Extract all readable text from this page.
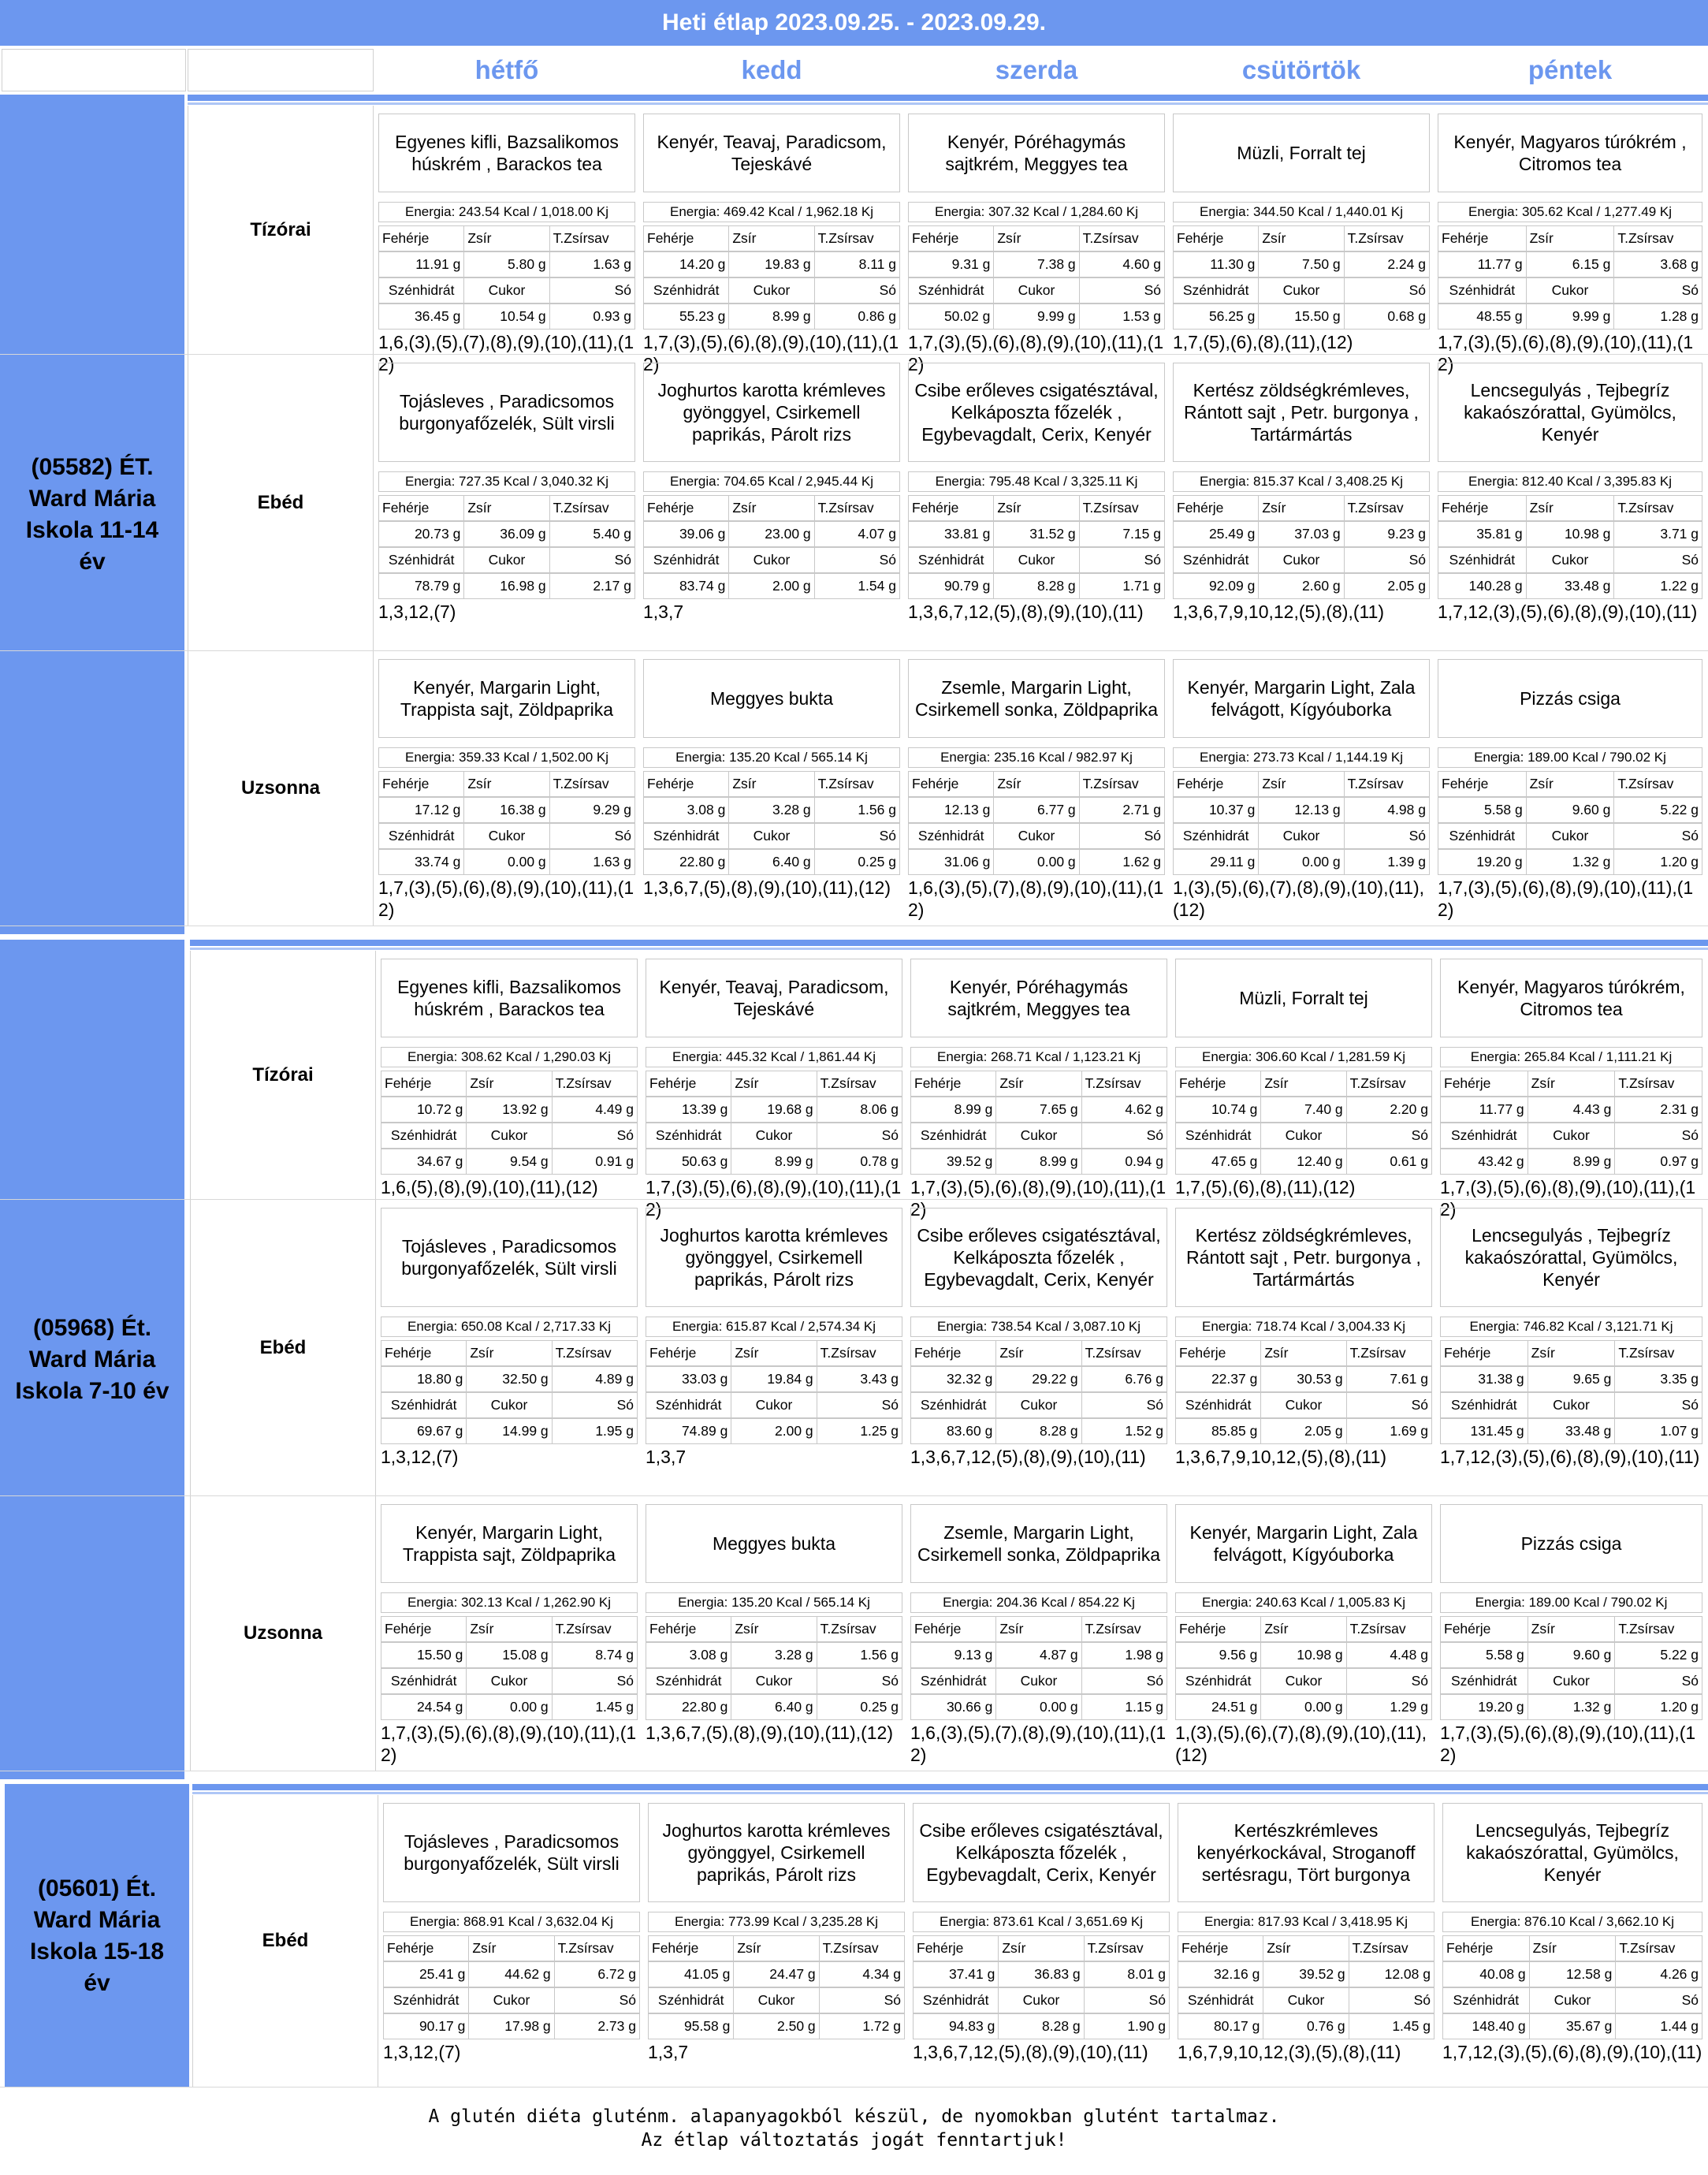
Heti étlap 2023.09.25. - 2023.09.29.
hétfő	kedd	szerda	csütörtök	péntek
(05582) ÉT.
Ward Mária
Iskola 11-14
év
Tízórai
Egyenes kifli, Bazsalikomos húskrém , Barackos tea
Energia: 243.54 Kcal / 1,018.00 Kj
Fehérje	Zsír	T.Zsírsav
11.91 g	5.80 g	1.63 g
Szénhidrát	Cukor	Só
36.45 g	10.54 g	0.93 g
1,6,(3),(5),(7),(8),(9),(10),(11),(12)
Kenyér, Teavaj, Paradicsom, Tejeskávé
Energia: 469.42 Kcal / 1,962.18 Kj
Fehérje	Zsír	T.Zsírsav
14.20 g	19.83 g	8.11 g
Szénhidrát	Cukor	Só
55.23 g	8.99 g	0.86 g
1,7,(3),(5),(6),(8),(9),(10),(11),(12)
Kenyér, Póréhagymás sajtkrém, Meggyes tea
Energia: 307.32 Kcal / 1,284.60 Kj
Fehérje	Zsír	T.Zsírsav
9.31 g	7.38 g	4.60 g
Szénhidrát	Cukor	Só
50.02 g	9.99 g	1.53 g
1,7,(3),(5),(6),(8),(9),(10),(11),(12)
Müzli, Forralt tej
Energia: 344.50 Kcal / 1,440.01 Kj
Fehérje	Zsír	T.Zsírsav
11.30 g	7.50 g	2.24 g
Szénhidrát	Cukor	Só
56.25 g	15.50 g	0.68 g
1,7,(5),(6),(8),(11),(12)
Kenyér, Magyaros túrókrém , Citromos tea
Energia: 305.62 Kcal / 1,277.49 Kj
Fehérje	Zsír	T.Zsírsav
11.77 g	6.15 g	3.68 g
Szénhidrát	Cukor	Só
48.55 g	9.99 g	1.28 g
1,7,(3),(5),(6),(8),(9),(10),(11),(12)
Ebéd
Tojásleves , Paradicsomos burgonyafőzelék, Sült virsli
Energia: 727.35 Kcal / 3,040.32 Kj
Fehérje	Zsír	T.Zsírsav
20.73 g	36.09 g	5.40 g
Szénhidrát	Cukor	Só
78.79 g	16.98 g	2.17 g
1,3,12,(7)
Joghurtos karotta krémleves gyönggyel, Csirkemell paprikás, Párolt rizs
Energia: 704.65 Kcal / 2,945.44 Kj
Fehérje	Zsír	T.Zsírsav
39.06 g	23.00 g	4.07 g
Szénhidrát	Cukor	Só
83.74 g	2.00 g	1.54 g
1,3,7
Csibe erőleves csigatésztával, Kelkáposzta főzelék , Egybevagdalt, Cerix, Kenyér
Energia: 795.48 Kcal / 3,325.11 Kj
Fehérje	Zsír	T.Zsírsav
33.81 g	31.52 g	7.15 g
Szénhidrát	Cukor	Só
90.79 g	8.28 g	1.71 g
1,3,6,7,12,(5),(8),(9),(10),(11)
Kertész zöldségkrémleves, Rántott sajt , Petr. burgonya , Tartármártás
Energia: 815.37 Kcal / 3,408.25 Kj
Fehérje	Zsír	T.Zsírsav
25.49 g	37.03 g	9.23 g
Szénhidrát	Cukor	Só
92.09 g	2.60 g	2.05 g
1,3,6,7,9,10,12,(5),(8),(11)
Lencsegulyás , Tejbegríz kakaószórattal, Gyümölcs, Kenyér
Energia: 812.40 Kcal / 3,395.83 Kj
Fehérje	Zsír	T.Zsírsav
35.81 g	10.98 g	3.71 g
Szénhidrát	Cukor	Só
140.28 g	33.48 g	1.22 g
1,7,12,(3),(5),(6),(8),(9),(10),(11)
Uzsonna
Kenyér, Margarin Light, Trappista sajt, Zöldpaprika
Energia: 359.33 Kcal / 1,502.00 Kj
Fehérje	Zsír	T.Zsírsav
17.12 g	16.38 g	9.29 g
Szénhidrát	Cukor	Só
33.74 g	0.00 g	1.63 g
1,7,(3),(5),(6),(8),(9),(10),(11),(12)
Meggyes bukta
Energia: 135.20 Kcal / 565.14 Kj
Fehérje	Zsír	T.Zsírsav
3.08 g	3.28 g	1.56 g
Szénhidrát	Cukor	Só
22.80 g	6.40 g	0.25 g
1,3,6,7,(5),(8),(9),(10),(11),(12)
Zsemle, Margarin Light, Csirkemell sonka, Zöldpaprika
Energia: 235.16 Kcal / 982.97 Kj
Fehérje	Zsír	T.Zsírsav
12.13 g	6.77 g	2.71 g
Szénhidrát	Cukor	Só
31.06 g	0.00 g	1.62 g
1,6,(3),(5),(7),(8),(9),(10),(11),(12)
Kenyér, Margarin Light, Zala felvágott, Kígyóuborka
Energia: 273.73 Kcal / 1,144.19 Kj
Fehérje	Zsír	T.Zsírsav
10.37 g	12.13 g	4.98 g
Szénhidrát	Cukor	Só
29.11 g	0.00 g	1.39 g
1,(3),(5),(6),(7),(8),(9),(10),(11),(12)
Pizzás csiga
Energia: 189.00 Kcal / 790.02 Kj
Fehérje	Zsír	T.Zsírsav
5.58 g	9.60 g	5.22 g
Szénhidrát	Cukor	Só
19.20 g	1.32 g	1.20 g
1,7,(3),(5),(6),(8),(9),(10),(11),(12)
(05968) Ét.
Ward Mária
Iskola 7-10 év
Tízórai
Egyenes kifli, Bazsalikomos húskrém , Barackos tea
Energia: 308.62 Kcal / 1,290.03 Kj
Fehérje	Zsír	T.Zsírsav
10.72 g	13.92 g	4.49 g
Szénhidrát	Cukor	Só
34.67 g	9.54 g	0.91 g
1,6,(5),(8),(9),(10),(11),(12)
Kenyér, Teavaj, Paradicsom, Tejeskávé
Energia: 445.32 Kcal / 1,861.44 Kj
Fehérje	Zsír	T.Zsírsav
13.39 g	19.68 g	8.06 g
Szénhidrát	Cukor	Só
50.63 g	8.99 g	0.78 g
1,7,(3),(5),(6),(8),(9),(10),(11),(12)
Kenyér, Póréhagymás sajtkrém, Meggyes tea
Energia: 268.71 Kcal / 1,123.21 Kj
Fehérje	Zsír	T.Zsírsav
8.99 g	7.65 g	4.62 g
Szénhidrát	Cukor	Só
39.52 g	8.99 g	0.94 g
1,7,(3),(5),(6),(8),(9),(10),(11),(12)
Müzli, Forralt tej
Energia: 306.60 Kcal / 1,281.59 Kj
Fehérje	Zsír	T.Zsírsav
10.74 g	7.40 g	2.20 g
Szénhidrát	Cukor	Só
47.65 g	12.40 g	0.61 g
1,7,(5),(6),(8),(11),(12)
Kenyér, Magyaros túrókrém, Citromos tea
Energia: 265.84 Kcal / 1,111.21 Kj
Fehérje	Zsír	T.Zsírsav
11.77 g	4.43 g	2.31 g
Szénhidrát	Cukor	Só
43.42 g	8.99 g	0.97 g
1,7,(3),(5),(6),(8),(9),(10),(11),(12)
Ebéd
Tojásleves , Paradicsomos burgonyafőzelék, Sült virsli
Energia: 650.08 Kcal / 2,717.33 Kj
Fehérje	Zsír	T.Zsírsav
18.80 g	32.50 g	4.89 g
Szénhidrát	Cukor	Só
69.67 g	14.99 g	1.95 g
1,3,12,(7)
Joghurtos karotta krémleves gyönggyel, Csirkemell paprikás, Párolt rizs
Energia: 615.87 Kcal / 2,574.34 Kj
Fehérje	Zsír	T.Zsírsav
33.03 g	19.84 g	3.43 g
Szénhidrát	Cukor	Só
74.89 g	2.00 g	1.25 g
1,3,7
Csibe erőleves csigatésztával, Kelkáposzta főzelék , Egybevagdalt, Cerix, Kenyér
Energia: 738.54 Kcal / 3,087.10 Kj
Fehérje	Zsír	T.Zsírsav
32.32 g	29.22 g	6.76 g
Szénhidrát	Cukor	Só
83.60 g	8.28 g	1.52 g
1,3,6,7,12,(5),(8),(9),(10),(11)
Kertész zöldségkrémleves, Rántott sajt , Petr. burgonya , Tartármártás
Energia: 718.74 Kcal / 3,004.33 Kj
Fehérje	Zsír	T.Zsírsav
22.37 g	30.53 g	7.61 g
Szénhidrát	Cukor	Só
85.85 g	2.05 g	1.69 g
1,3,6,7,9,10,12,(5),(8),(11)
Lencsegulyás , Tejbegríz kakaószórattal, Gyümölcs, Kenyér
Energia: 746.82 Kcal / 3,121.71 Kj
Fehérje	Zsír	T.Zsírsav
31.38 g	9.65 g	3.35 g
Szénhidrát	Cukor	Só
131.45 g	33.48 g	1.07 g
1,7,12,(3),(5),(6),(8),(9),(10),(11)
Uzsonna
Kenyér, Margarin Light, Trappista sajt, Zöldpaprika
Energia: 302.13 Kcal / 1,262.90 Kj
Fehérje	Zsír	T.Zsírsav
15.50 g	15.08 g	8.74 g
Szénhidrát	Cukor	Só
24.54 g	0.00 g	1.45 g
1,7,(3),(5),(6),(8),(9),(10),(11),(12)
Meggyes bukta
Energia: 135.20 Kcal / 565.14 Kj
Fehérje	Zsír	T.Zsírsav
3.08 g	3.28 g	1.56 g
Szénhidrát	Cukor	Só
22.80 g	6.40 g	0.25 g
1,3,6,7,(5),(8),(9),(10),(11),(12)
Zsemle, Margarin Light, Csirkemell sonka, Zöldpaprika
Energia: 204.36 Kcal / 854.22 Kj
Fehérje	Zsír	T.Zsírsav
9.13 g	4.87 g	1.98 g
Szénhidrát	Cukor	Só
30.66 g	0.00 g	1.15 g
1,6,(3),(5),(7),(8),(9),(10),(11),(12)
Kenyér, Margarin Light, Zala felvágott, Kígyóuborka
Energia: 240.63 Kcal / 1,005.83 Kj
Fehérje	Zsír	T.Zsírsav
9.56 g	10.98 g	4.48 g
Szénhidrát	Cukor	Só
24.51 g	0.00 g	1.29 g
1,(3),(5),(6),(7),(8),(9),(10),(11),(12)
Pizzás csiga
Energia: 189.00 Kcal / 790.02 Kj
Fehérje	Zsír	T.Zsírsav
5.58 g	9.60 g	5.22 g
Szénhidrát	Cukor	Só
19.20 g	1.32 g	1.20 g
1,7,(3),(5),(6),(8),(9),(10),(11),(12)
(05601) Ét.
Ward Mária
Iskola 15-18
év
Ebéd
Tojásleves , Paradicsomos burgonyafőzelék, Sült virsli
Energia: 868.91 Kcal / 3,632.04 Kj
Fehérje	Zsír	T.Zsírsav
25.41 g	44.62 g	6.72 g
Szénhidrát	Cukor	Só
90.17 g	17.98 g	2.73 g
1,3,12,(7)
Joghurtos karotta krémleves gyönggyel, Csirkemell paprikás, Párolt rizs
Energia: 773.99 Kcal / 3,235.28 Kj
Fehérje	Zsír	T.Zsírsav
41.05 g	24.47 g	4.34 g
Szénhidrát	Cukor	Só
95.58 g	2.50 g	1.72 g
1,3,7
Csibe erőleves csigatésztával, Kelkáposzta főzelék , Egybevagdalt, Cerix, Kenyér
Energia: 873.61 Kcal / 3,651.69 Kj
Fehérje	Zsír	T.Zsírsav
37.41 g	36.83 g	8.01 g
Szénhidrát	Cukor	Só
94.83 g	8.28 g	1.90 g
1,3,6,7,12,(5),(8),(9),(10),(11)
Kertészkrémleves kenyérkockával, Stroganoff sertésragu, Tört burgonya
Energia: 817.93 Kcal / 3,418.95 Kj
Fehérje	Zsír	T.Zsírsav
32.16 g	39.52 g	12.08 g
Szénhidrát	Cukor	Só
80.17 g	0.76 g	1.45 g
1,6,7,9,10,12,(3),(5),(8),(11)
Lencsegulyás, Tejbegríz kakaószórattal, Gyümölcs, Kenyér
Energia: 876.10 Kcal / 3,662.10 Kj
Fehérje	Zsír	T.Zsírsav
40.08 g	12.58 g	4.26 g
Szénhidrát	Cukor	Só
148.40 g	35.67 g	1.44 g
1,7,12,(3),(5),(6),(8),(9),(10),(11)
A glutén diéta gluténm. alapanyagokból készül, de nyomokban glutént tartalmaz.
Az étlap változtatás jogát fenntartjuk!
